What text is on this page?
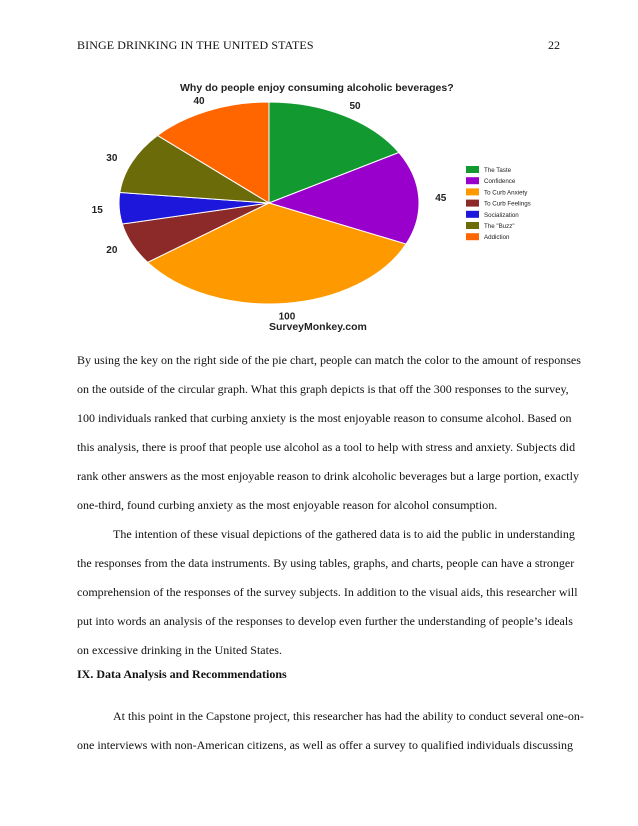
BINGE DRINKING IN THE UNITED STATES	22
Why do people enjoy consuming alcoholic beverages?
50
45
100
20
15
30
40
The Taste
Confidence
To Curb Anxiety
To Curb Feelings
Socialization
The "Buzz"
Addiction
SurveyMonkey.com
By using the key on the right side of the pie chart, people can match the color to the amount of responses
on the outside of the circular graph. What this graph depicts is that off the 300 responses to the survey,
100 individuals ranked that curbing anxiety is the most enjoyable reason to consume alcohol. Based on
this analysis, there is proof that people use alcohol as a tool to help with stress and anxiety. Subjects did
rank other answers as the most enjoyable reason to drink alcoholic beverages but a large portion, exactly
one-third, found curbing anxiety as the most enjoyable reason for alcohol consumption.
The intention of these visual depictions of the gathered data is to aid the public in understanding
the responses from the data instruments. By using tables, graphs, and charts, people can have a stronger
comprehension of the responses of the survey subjects. In addition to the visual aids, this researcher will
put into words an analysis of the responses to develop even further the understanding of people’s ideals
on excessive drinking in the United States.
IX. Data Analysis and Recommendations
At this point in the Capstone project, this researcher has had the ability to conduct several one-on-
one interviews with non-American citizens, as well as offer a survey to qualified individuals discussing
